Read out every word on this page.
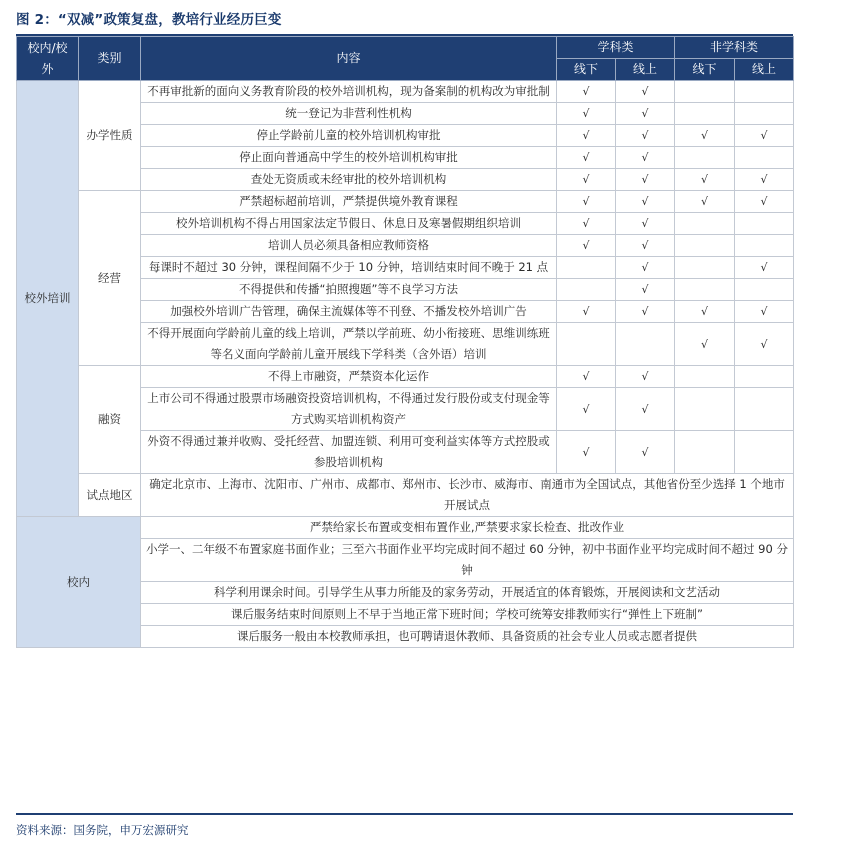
图 2：“双减”政策复盘，教培行业经历巨变
校内/校外	类别	内容	学科类		非学科类	
			线下	线上	线下	线上
校外培训	办学性质	不再审批新的面向义务教育阶段的校外培训机构，现为备案制的机构改为审批制	√	√		
		统一登记为非营利性机构	√	√		
		停止学龄前儿童的校外培训机构审批	√	√	√	√
		停止面向普通高中学生的校外培训机构审批	√	√		
		查处无资质或未经审批的校外培训机构	√	√	√	√
	经营	严禁超标超前培训，严禁提供境外教育课程	√	√	√	√
		校外培训机构不得占用国家法定节假日、休息日及寒暑假期组织培训	√	√		
		培训人员必须具备相应教师资格	√	√		
		每课时不超过 30 分钟，课程间隔不少于 10 分钟，培训结束时间不晚于 21 点		√		√
		不得提供和传播“拍照搜题”等不良学习方法		√		
		加强校外培训广告管理，确保主流媒体等不刊登、不播发校外培训广告	√	√	√	√
		不得开展面向学龄前儿童的线上培训，严禁以学前班、幼小衔接班、思维训练班等名义面向学龄前儿童开展线下学科类（含外语）培训			√	√
	融资	不得上市融资，严禁资本化运作	√	√		
		上市公司不得通过股票市场融资投资培训机构，不得通过发行股份或支付现金等方式购买培训机构资产	√	√		
		外资不得通过兼并收购、受托经营、加盟连锁、利用可变利益实体等方式控股或参股培训机构	√	√		
	试点地区	确定北京市、上海市、沈阳市、广州市、成都市、郑州市、长沙市、威海市、南通市为全国试点，其他省份至少选择 1 个地市开展试点				
校内		严禁给家长布置或变相布置作业,严禁要求家长检查、批改作业				
		小学一、二年级不布置家庭书面作业；三至六书面作业平均完成时间不超过 60 分钟，初中书面作业平均完成时间不超过 90 分钟				
		科学利用课余时间。引导学生从事力所能及的家务劳动，开展适宜的体育锻炼，开展阅读和文艺活动				
		课后服务结束时间原则上不早于当地正常下班时间；学校可统筹安排教师实行“弹性上下班制”				
		课后服务一般由本校教师承担，也可聘请退休教师、具备资质的社会专业人员或志愿者提供				
资料来源：国务院，申万宏源研究
